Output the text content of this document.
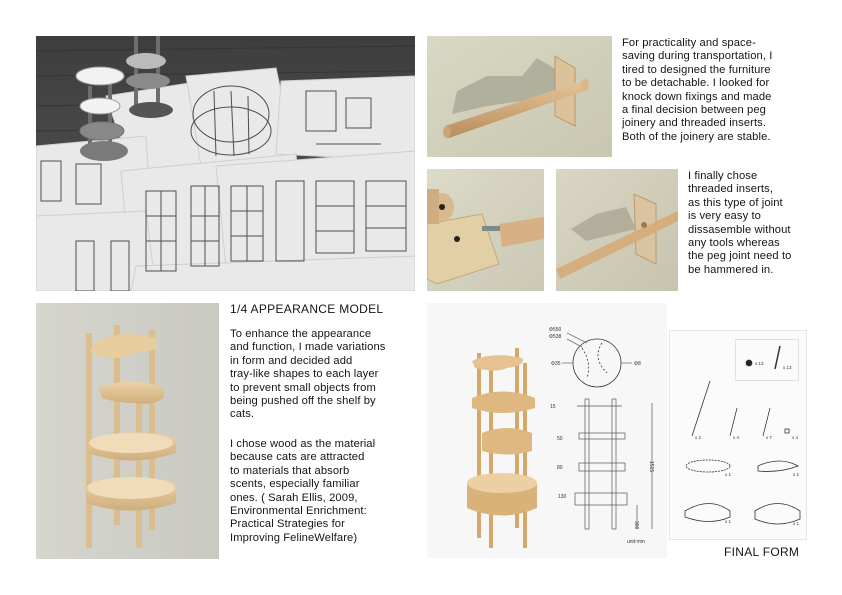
For practicality and space-
saving during transportation, I
tired to designed the furniture
to be detachable. I looked for
knock down fixings and made
a final decision between peg
joinery and threaded inserts.
Both of the joinery are stable.
I finally chose
threaded inserts,
as this type of joint
is very easy to
dissasemble without
any tools whereas
the peg joint need to
be hammered in.
1/4 APPEARANCE MODEL
To enhance the appearance
and function, I made variations
in form and decided add
tray-like shapes to each layer
to prevent small objects from
being pushed off the shelf by
cats.
I chose wood as the material
because cats are attracted
to materials that absorb
scents, especially familiar
ones. ( Sarah Ellis, 2009,
Environmental Enrichment:
Practical Strategies for
Improving FelineWelfare)
Φ550
Φ538
Φ35	Φ8
15
50
80
130
300
1515
unit:mm
x 13
x 13
x 2	x 4	x 7	x 4
x 1	x 1
x 1	x 1
FINAL FORM
